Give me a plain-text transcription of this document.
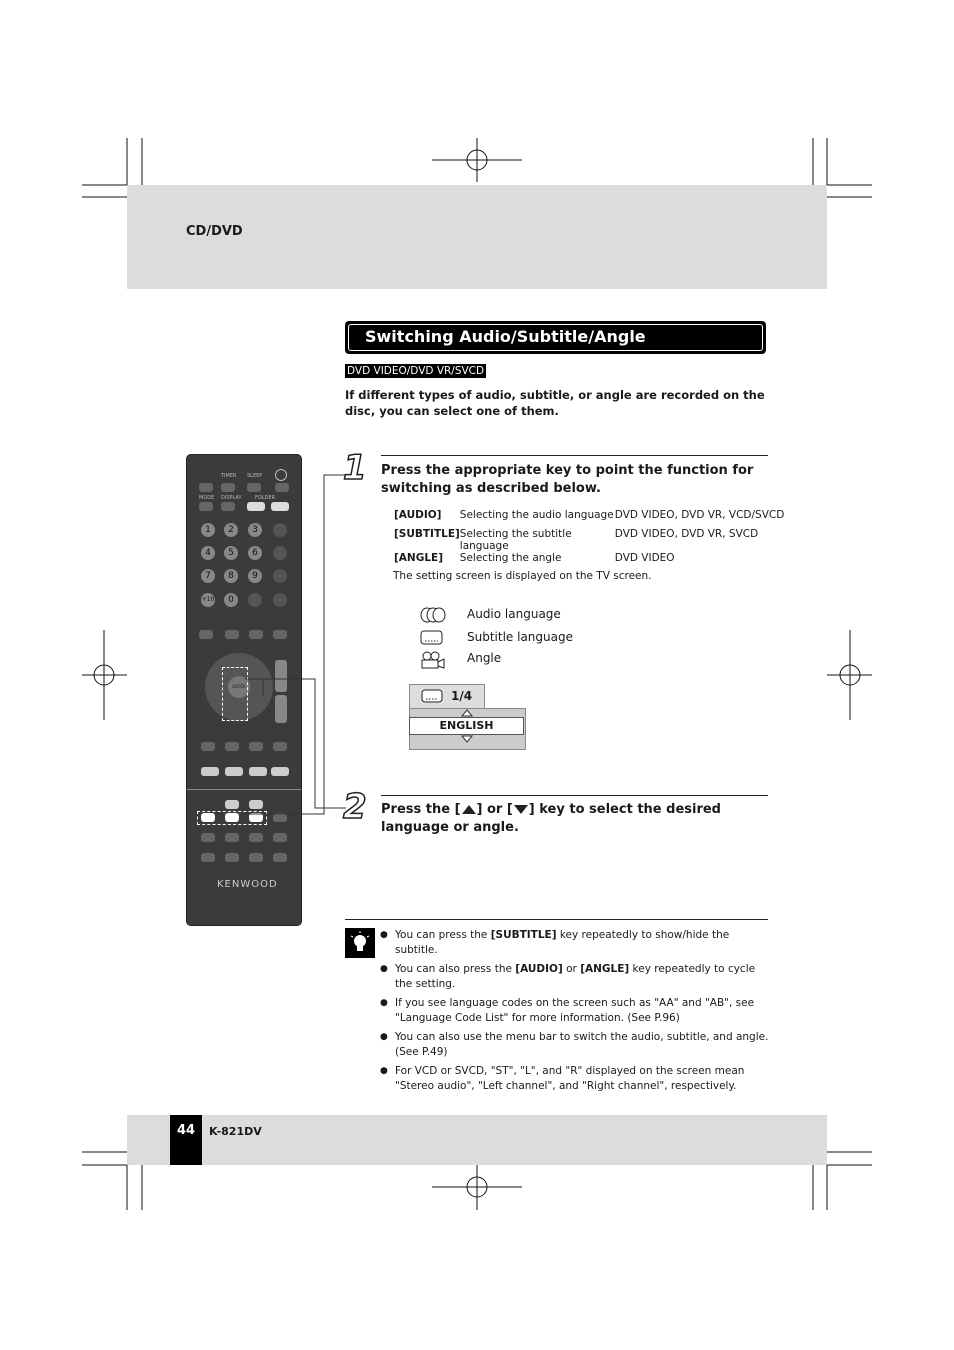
CD/DVD
Switching Audio/Subtitle/Angle
DVD VIDEO/DVD VR/SVCD
If different types of audio, subtitle, or angle are recorded on the disc, you can select one of them.
TIMER SLEEP
MODE DISPLAY	FOLDER
1	2	3
4	5	6
7	8	9
+10	0
ENTER
KENWOOD
1 Press the appropriate key to point the function for switching as described below.
[AUDIO]	Selecting the audio language	DVD VIDEO, DVD VR, VCD/SVCD
[SUBTITLE]	Selecting the subtitle language	DVD VIDEO, DVD VR, SVCD
[ANGLE]	Selecting the angle	DVD VIDEO
The setting screen is displayed on the TV screen.
Audio language
Subtitle language
Angle
1/4
ENGLISH
2 Press the [ ] or [ ] key to select the desired language or angle.
● You can press the [SUBTITLE] key repeatedly to show/hide the subtitle.
● You can also press the [AUDIO] or [ANGLE] key repeatedly to cycle the setting.
● If you see language codes on the screen such as "AA" and "AB", see "Language Code List" for more information. (See P.96)
● You can also use the menu bar to switch the audio, subtitle, and angle. (See P.49)
● For VCD or SVCD, "ST", "L", and "R" displayed on the screen mean "Stereo audio", "Left channel", and "Right channel", respectively.
44	K-821DV
